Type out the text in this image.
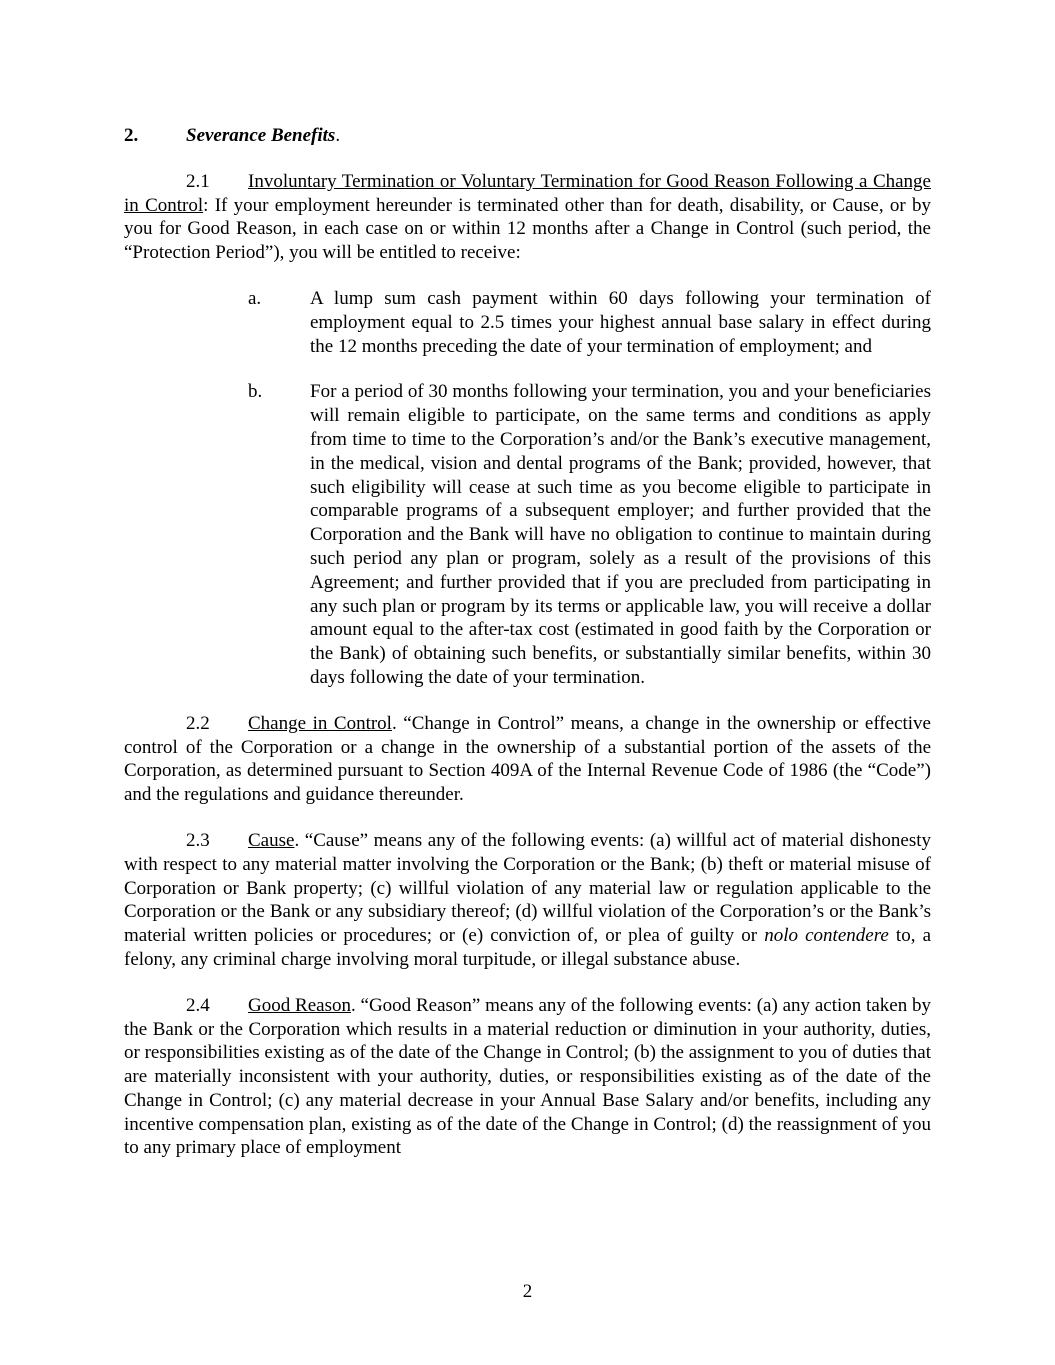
2.	Severance Benefits.

2.1 Involuntary Termination or Voluntary Termination for Good Reason Following a Change in Control: If your employment hereunder is terminated other than for death, disability, or Cause, or by you for Good Reason, in each case on or within 12 months after a Change in Control (such period, the “Protection Period”), you will be entitled to receive:

a.	A lump sum cash payment within 60 days following your termination of employment equal to 2.5 times your highest annual base salary in effect during the 12 months preceding the date of your termination of employment; and
b.	For a period of 30 months following your termination, you and your beneficiaries will remain eligible to participate, on the same terms and conditions as apply from time to time to the Corporation’s and/or the Bank’s executive management, in the medical, vision and dental programs of the Bank; provided, however, that such eligibility will cease at such time as you become eligible to participate in comparable programs of a subsequent employer; and further provided that the Corporation and the Bank will have no obligation to continue to maintain during such period any plan or program, solely as a result of the provisions of this Agreement; and further provided that if you are precluded from participating in any such plan or program by its terms or applicable law, you will receive a dollar amount equal to the after-tax cost (estimated in good faith by the Corporation or the Bank) of obtaining such benefits, or substantially similar benefits, within 30 days following the date of your termination.

2.2 Change in Control. “Change in Control” means, a change in the ownership or effective control of the Corporation or a change in the ownership of a substantial portion of the assets of the Corporation, as determined pursuant to Section 409A of the Internal Revenue Code of 1986 (the “Code”) and the regulations and guidance thereunder.

2.3 Cause. “Cause” means any of the following events: (a) willful act of material dishonesty with respect to any material matter involving the Corporation or the Bank; (b) theft or material misuse of Corporation or Bank property; (c) willful violation of any material law or regulation applicable to the Corporation or the Bank or any subsidiary thereof; (d) willful violation of the Corporation’s or the Bank’s material written policies or procedures; or (e) conviction of, or plea of guilty or nolo contendere to, a felony, any criminal charge involving moral turpitude, or illegal substance abuse.

2.4 Good Reason. “Good Reason” means any of the following events: (a) any action taken by the Bank or the Corporation which results in a material reduction or diminution in your authority, duties, or responsibilities existing as of the date of the Change in Control; (b) the assignment to you of duties that are materially inconsistent with your authority, duties, or responsibilities existing as of the date of the Change in Control; (c) any material decrease in your Annual Base Salary and/or benefits, including any incentive compensation plan, existing as of the date of the Change in Control; (d) the reassignment of you to any primary place of employment

2
